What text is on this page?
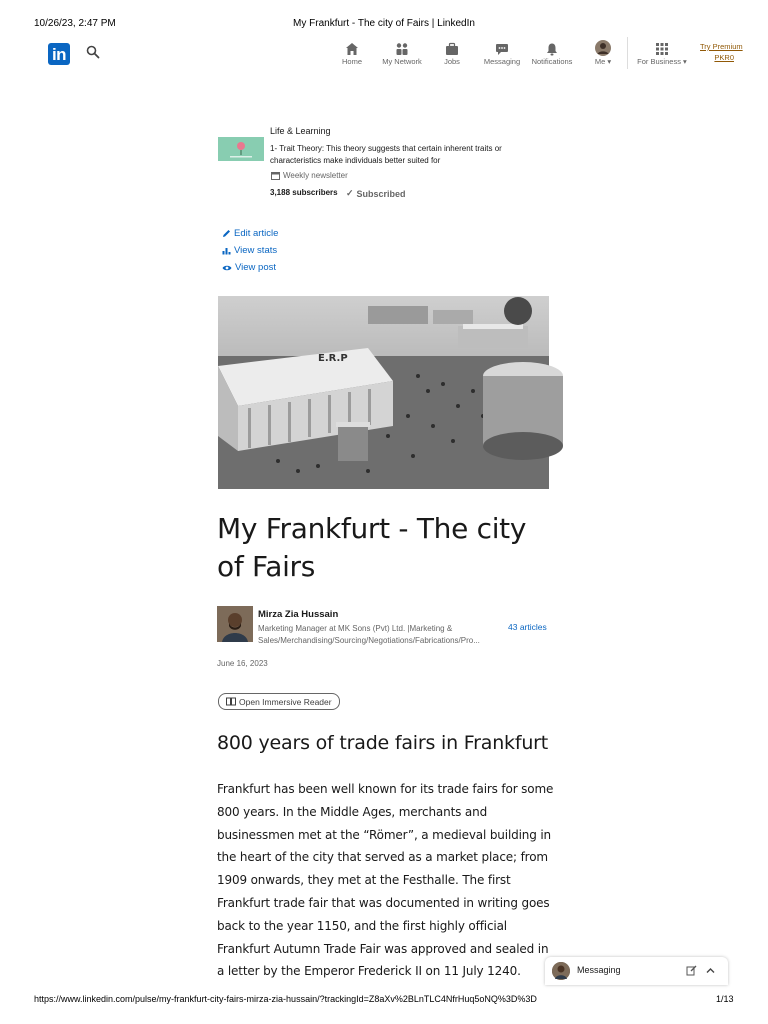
10/26/23, 2:47 PM	My Frankfurt - The city of Fairs | LinkedIn
in	Home	My Network	Jobs	Messaging	Notifications	Me ▾	For Business ▾
Try Premium
PKR0
Life & Learning
1- Trait Theory: This theory suggests that certain inherent traits or characteristics make individuals better suited for
Weekly newsletter
3,188 subscribers ✓ Subscribed
Edit article
View stats
View post
E.R.P
My Frankfurt - The city of Fairs
Mirza Zia Hussain
Marketing Manager at MK Sons (Pvt) Ltd. |Marketing &
Sales/Merchandising/Sourcing/Negotiations/Fabrications/Pro...
43 articles
June 16, 2023
Open Immersive Reader
800 years of trade fairs in Frankfurt
Frankfurt has been well known for its trade fairs for some 800 years. In the Middle Ages, merchants and businessmen met at the “Römer”, a medieval building in the heart of the city that served as a market place; from 1909 onwards, they met at the Festhalle. The first Frankfurt trade fair that was documented in writing goes back to the year 1150, and the first highly official Frankfurt Autumn Trade Fair was approved and sealed in a letter by the Emperor Frederick II on 11 July 1240.	Messaging
https://www.linkedin.com/pulse/my-frankfurt-city-fairs-mirza-zia-hussain/?trackingId=Z8aXv%2BLnTLC4NfrHuq5oNQ%3D%3D	1/13
